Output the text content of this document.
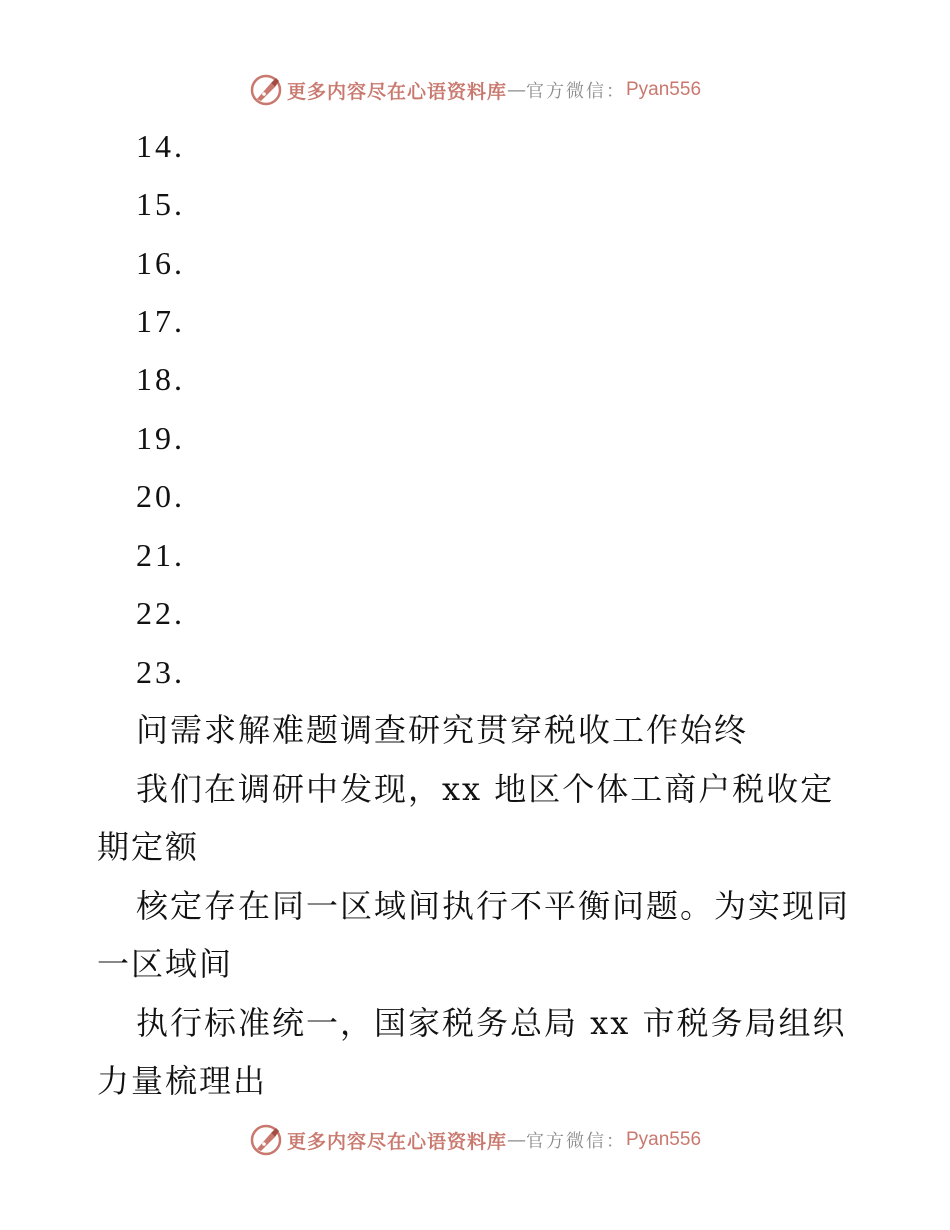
更多内容尽在心语资料库 — 官方微信： Pyan556
14.
15.
16.
17.
18.
19.
20.
21.
22.
23.
问需求解难题调查研究贯穿税收工作始终
我们在调研中发现，xx 地区个体工商户税收定
期定额
核定存在同一区域间执行不平衡问题。为实现同
一区域间
执行标准统一，国家税务总局 xx 市税务局组织
力量梳理出
更多内容尽在心语资料库 — 官方微信： Pyan556
